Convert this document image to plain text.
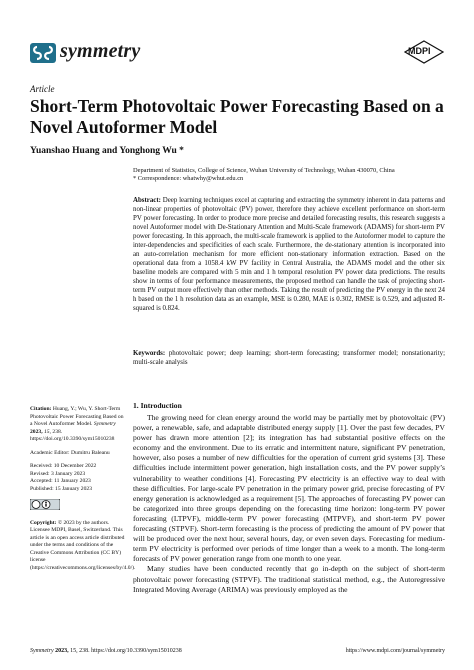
symmetry	MDPI
Article
Short-Term Photovoltaic Power Forecasting Based on a Novel Autoformer Model
Yuanshao Huang and Yonghong Wu *
Department of Statistics, College of Science, Wuhan University of Technology, Wuhan 430070, China
* Correspondence: whatwhy@whut.edu.cn
Abstract: Deep learning techniques excel at capturing and extracting the symmetry inherent in data patterns and non-linear properties of photovoltaic (PV) power, therefore they achieve excellent performance on short-term PV power forecasting. In order to produce more precise and detailed forecasting results, this research suggests a novel Autoformer model with De-Stationary Attention and Multi-Scale framework (ADAMS) for short-term PV power forecasting. In this approach, the multi-scale framework is applied to the Autoformer model to capture the inter-dependencies and specificities of each scale. Furthermore, the de-stationary attention is incorporated into an auto-correlation mechanism for more efficient non-stationary information extraction. Based on the operational data from a 1058.4 kW PV facility in Central Australia, the ADAMS model and the other six baseline models are compared with 5 min and 1 h temporal resolution PV power data predictions. The results show in terms of four performance measurements, the proposed method can handle the task of projecting short-term PV output more effectively than other methods. Taking the result of predicting the PV energy in the next 24 h based on the 1 h resolution data as an example, MSE is 0.280, MAE is 0.302, RMSE is 0.529, and adjusted R-squared is 0.824.
Keywords: photovoltaic power; deep learning; short-term forecasting; transformer model; nonstationarity; multi-scale analysis
Citation: Huang, Y.; Wu, Y. Short-Term Photovoltaic Power Forecasting Based on a Novel Autoformer Model. Symmetry 2023, 15, 238. https://doi.org/10.3390/sym15010238
Academic Editor: Dumitru Baleanu
Received: 10 December 2022
Revised: 3 January 2023
Accepted: 11 January 2023
Published: 15 January 2023
Copyright: © 2023 by the authors. Licensee MDPI, Basel, Switzerland. This article is an open access article distributed under the terms and conditions of the Creative Commons Attribution (CC BY) license (https://creativecommons.org/licenses/by/4.0/).
1. Introduction

The growing need for clean energy around the world may be partially met by photovoltaic (PV) power, a renewable, safe, and adaptable distributed energy supply [1]. Over the past few decades, PV power has drawn more attention [2]; its integration has had substantial positive effects on the economy and the environment. Due to its erratic and intermittent nature, significant PV penetration, however, also poses a number of new difficulties for the operation of current grid systems [3]. These difficulties include intermittent power generation, high installation costs, and the PV power supply’s vulnerability to weather conditions [4]. Forecasting PV electricity is an effective way to deal with these difficulties. For large-scale PV penetration in the primary power grid, precise forecasting of PV energy generation is acknowledged as a requirement [5]. The approaches of forecasting PV power can be categorized into three groups depending on the forecasting time horizon: long-term PV power forecasting (LTPVF), middle-term PV power forecasting (MTPVF), and short-term PV power forecasting (STPVF). Short-term forecasting is the process of predicting the amount of PV power that will be produced over the next hour, several hours, day, or even seven days. Forecasting for medium-term PV electricity is performed over periods of time longer than a week to a month. The long-term forecasts of PV power generation range from one month to one year.

Many studies have been conducted recently that go in-depth on the subject of short-term photovoltaic power forecasting (STPVF). The traditional statistical method, e.g., the Autoregressive Integrated Moving Average (ARIMA) was previously employed as the

Symmetry 2023, 15, 238. https://doi.org/10.3390/sym15010238	https://www.mdpi.com/journal/symmetry
